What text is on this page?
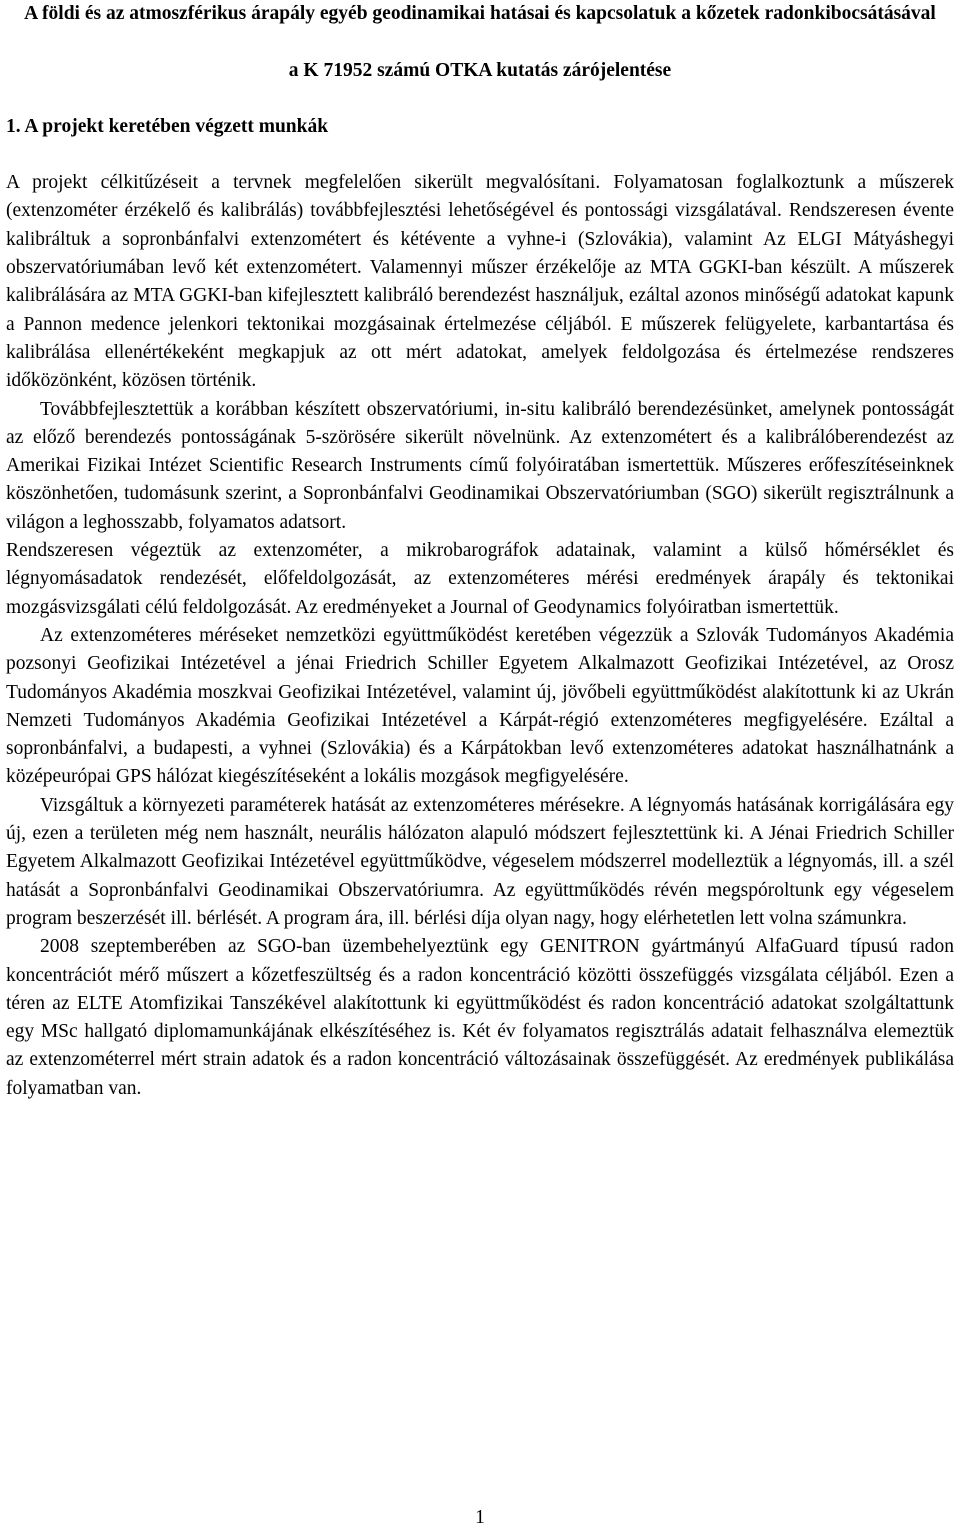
A földi és az atmoszférikus árapály egyéb geodinamikai hatásai és kapcsolatuk a kőzetek radonkibocsátásával

a K 71952 számú OTKA kutatás zárójelentése

1. A projekt keretében végzett munkák

A projekt célkitűzéseit a tervnek megfelelően sikerült megvalósítani. Folyamatosan foglalkoztunk a műszerek (extenzométer érzékelő és kalibrálás) továbbfejlesztési lehetőségével és pontossági vizsgálatával. Rendszeresen évente kalibráltuk a sopronbánfalvi extenzométert és kétévente a vyhne-i (Szlovákia), valamint Az ELGI Mátyáshegyi obszervatóriumában levő két extenzométert. Valamennyi műszer érzékelője az MTA GGKI-ban készült. A műszerek kalibrálására az MTA GGKI-ban kifejlesztett kalibráló berendezést használjuk, ezáltal azonos minőségű adatokat kapunk a Pannon medence jelenkori tektonikai mozgásainak értelmezése céljából. E műszerek felügyelete, karbantartása és kalibrálása ellenértékeként megkapjuk az ott mért adatokat, amelyek feldolgozása és értelmezése rendszeres időközönként, közösen történik.

Továbbfejlesztettük a korábban készített obszervatóriumi, in-situ kalibráló berendezésünket, amelynek pontosságát az előző berendezés pontosságának 5-szörösére sikerült növelnünk. Az extenzométert és a kalibrálóberendezést az Amerikai Fizikai Intézet Scientific Research Instruments című folyóiratában ismertettük. Műszeres erőfeszítéseinknek köszönhetően, tudomásunk szerint, a Sopronbánfalvi Geodinamikai Obszervatóriumban (SGO) sikerült regisztrálnunk a világon a leghosszabb, folyamatos adatsort.

Rendszeresen végeztük az extenzométer, a mikrobarográfok adatainak, valamint a külső hőmérséklet és légnyomásadatok rendezését, előfeldolgozását, az extenzométeres mérési eredmények árapály és tektonikai mozgásvizsgálati célú feldolgozását. Az eredményeket a Journal of Geodynamics folyóiratban ismertettük.

Az extenzométeres méréseket nemzetközi együttműködést keretében végezzük a Szlovák Tudományos Akadémia pozsonyi Geofizikai Intézetével a jénai Friedrich Schiller Egyetem Alkalmazott Geofizikai Intézetével, az Orosz Tudományos Akadémia moszkvai Geofizikai Intézetével, valamint új, jövőbeli együttműködést alakítottunk ki az Ukrán Nemzeti Tudományos Akadémia Geofizikai Intézetével a Kárpát-régió extenzométeres megfigyelésére. Ezáltal a sopronbánfalvi, a budapesti, a vyhnei (Szlovákia) és a Kárpátokban levő extenzométeres adatokat használhatnánk a középeurópai GPS hálózat kiegészítéseként a lokális mozgások megfigyelésére.

Vizsgáltuk a környezeti paraméterek hatását az extenzométeres mérésekre. A légnyomás hatásának korrigálására egy új, ezen a területen még nem használt, neurális hálózaton alapuló módszert fejlesztettünk ki. A Jénai Friedrich Schiller Egyetem Alkalmazott Geofizikai Intézetével együttműködve, végeselem módszerrel modelleztük a légnyomás, ill. a szél hatását a Sopronbánfalvi Geodinamikai Obszervatóriumra. Az együttműködés révén megspóroltunk egy végeselem program beszerzését ill. bérlését. A program ára, ill. bérlési díja olyan nagy, hogy elérhetetlen lett volna számunkra.

2008 szeptemberében az SGO-ban üzembehelyeztünk egy GENITRON gyártmányú AlfaGuard típusú radon koncentrációt mérő műszert a kőzetfeszültség és a radon koncentráció közötti összefüggés vizsgálata céljából. Ezen a téren az ELTE Atomfizikai Tanszékével alakítottunk ki együttműködést és radon koncentráció adatokat szolgáltattunk egy MSc hallgató diplomamunkájának elkészítéséhez is. Két év folyamatos regisztrálás adatait felhasználva elemeztük az extenzométerrel mért strain adatok és a radon koncentráció változásainak összefüggését. Az eredmények publikálása folyamatban van.

1
